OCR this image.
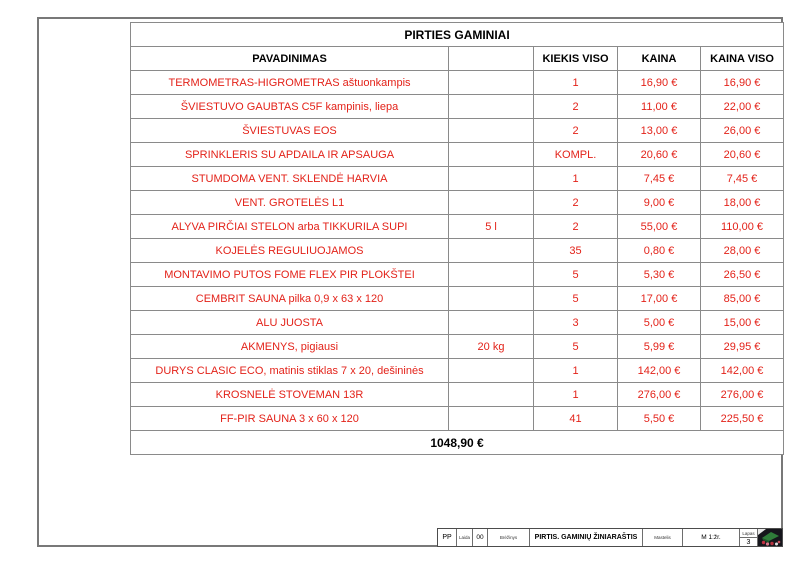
PIRTIES GAMINIAI				
PAVADINIMAS		KIEKIS VISO	KAINA	KAINA VISO
TERMOMETRAS-HIGROMETRAS aštuonkampis		1	16,90 €	16,90 €
ŠVIESTUVO GAUBTAS C5F kampinis, liepa		2	11,00 €	22,00 €
ŠVIESTUVAS EOS		2	13,00 €	26,00 €
SPRINKLERIS SU APDAILA IR APSAUGA		KOMPL.	20,60 €	20,60 €
STUMDOMA VENT. SKLENDĖ HARVIA		1	7,45 €	7,45 €
VENT. GROTELĖS L1		2	9,00 €	18,00 €
ALYVA PIRČIAI STELON arba TIKKURILA SUPI	5 l	2	55,00 €	110,00 €
KOJELĖS REGULIUOJAMOS		35	0,80 €	28,00 €
MONTAVIMO PUTOS FOME FLEX PIR PLOKŠTEI		5	5,30 €	26,50 €
CEMBRIT SAUNA pilka 0,9 x 63 x 120		5	17,00 €	85,00 €
ALU JUOSTA		3	5,00 €	15,00 €
AKMENYS, pigiausi	20 kg	5	5,99 €	29,95 €
DURYS CLASIC ECO, matinis stiklas 7 x 20, dešininės		1	142,00 €	142,00 €
KROSNELĖ STOVEMAN 13R		1	276,00 €	276,00 €
FF-PIR SAUNA 3 x 60 x 120		41	5,50 €	225,50 €
1048,90 €				
PP	Laida 00	Brėžinys	PIRTIS. GAMINIŲ ŽINIARAŠTIS	Mastelis	M 1:žr.
Lapas
3
